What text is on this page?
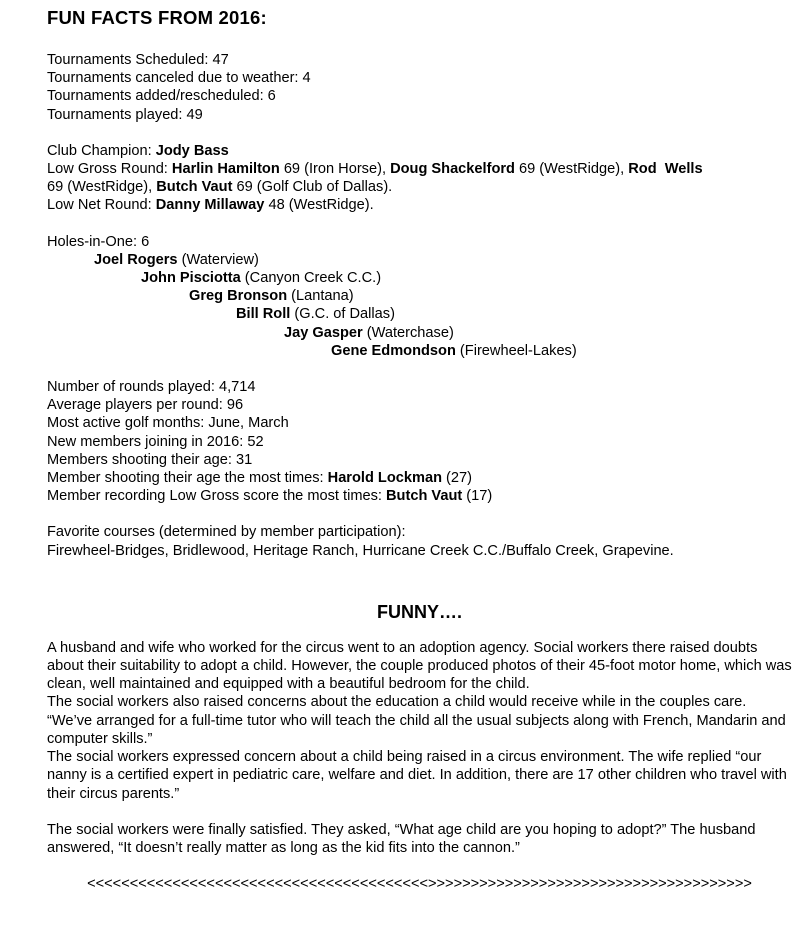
FUN FACTS FROM 2016:
Tournaments Scheduled: 47
Tournaments canceled due to weather: 4
Tournaments added/rescheduled: 6
Tournaments played: 49
Club Champion: Jody Bass
Low Gross Round: Harlin Hamilton 69 (Iron Horse), Doug Shackelford 69 (WestRidge), Rod  Wells
69 (WestRidge), Butch Vaut 69 (Golf Club of Dallas).
Low Net Round: Danny Millaway 48 (WestRidge).
Holes-in-One: 6
Joel Rogers (Waterview)
John Pisciotta (Canyon Creek C.C.)
Greg Bronson (Lantana)
Bill Roll (G.C. of Dallas)
Jay Gasper (Waterchase)
Gene Edmondson (Firewheel-Lakes)
Number of rounds played: 4,714
Average players per round: 96
Most active golf months: June, March
New members joining in 2016: 52
Members shooting their age: 31
Member shooting their age the most times: Harold Lockman (27)
Member recording Low Gross score the most times: Butch Vaut (17)
Favorite courses (determined by member participation):
Firewheel-Bridges, Bridlewood, Heritage Ranch, Hurricane Creek C.C./Buffalo Creek, Grapevine.
FUNNY….

A husband and wife who worked for the circus went to an adoption agency. Social workers there raised doubts about their suitability to adopt a child. However, the couple produced photos of their 45-foot motor home, which was clean, well maintained and equipped with a beautiful bedroom for the child.

The social workers also raised concerns about the education a child would receive while in the couples care.

“We’ve arranged for a full-time tutor who will teach the child all the usual subjects along with French, Mandarin and computer skills.”

The social workers expressed concern about a child being raised in a circus environment. The wife replied “our nanny is a certified expert in pediatric care, welfare and diet. In addition, there are 17 other children who travel with their circus parents.”

The social workers were finally satisfied. They asked, “What age child are you hoping to adopt?” The husband answered, “It doesn’t really matter as long as the kid fits into the cannon.”

<<<<<<<<<<<<<<<<<<<<<<<<<<<<<<<<<<<<<<<<>>>>>>>>>>>>>>>>>>>>>>>>>>>>>>>>>>>>>>
